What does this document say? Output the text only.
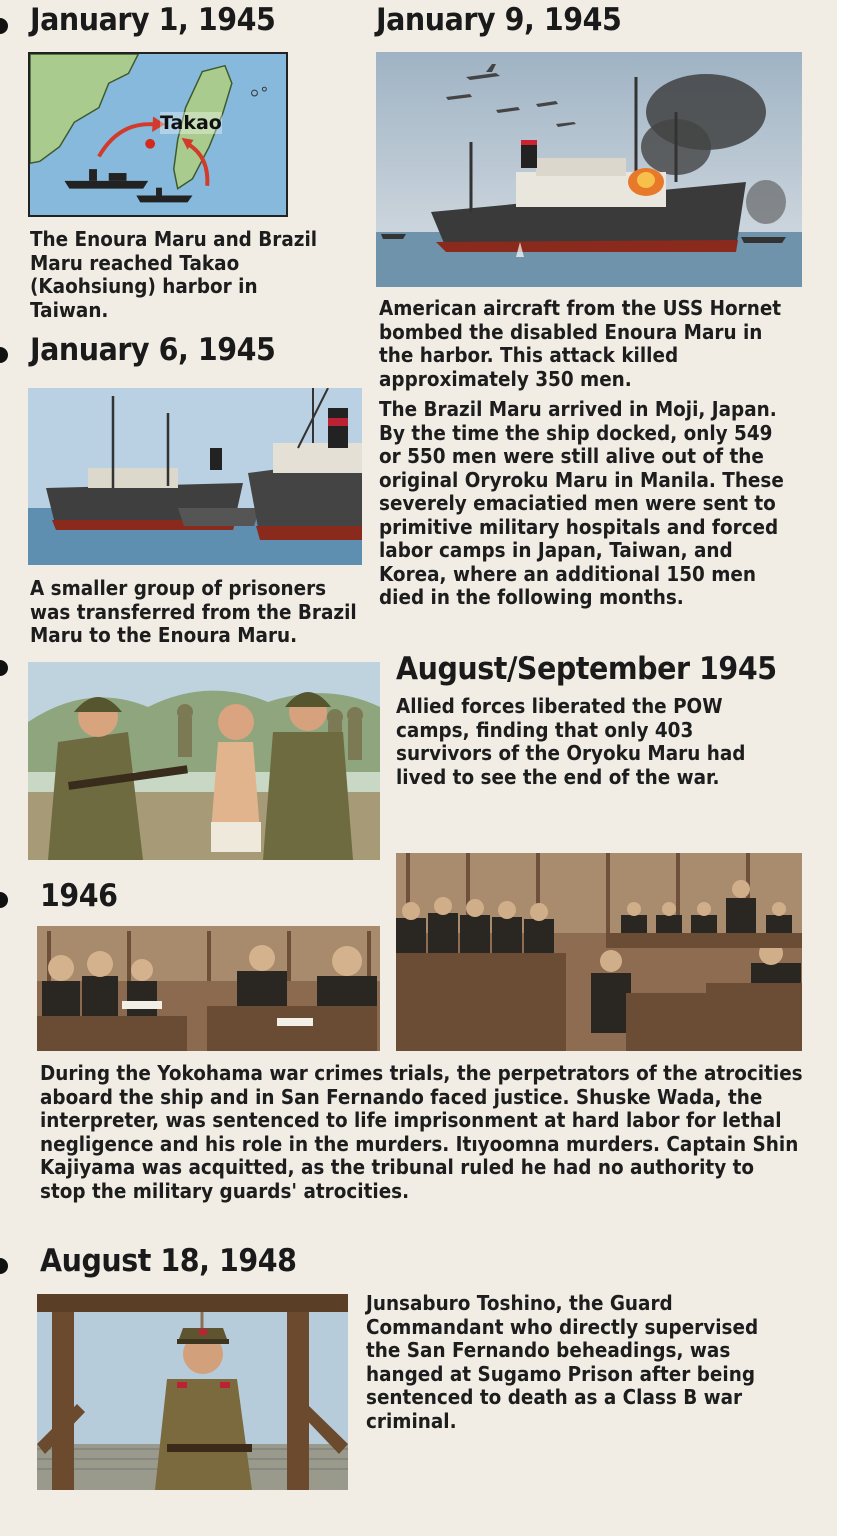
January 1, 1945
Takao

The Enoura Maru and Brazil Maru reached Takao (Kaohsiung) harbor in Taiwan.

January 9, 1945

American aircraft from the USS Hornet bombed the disabled Enoura Maru in the harbor. This attack killed approximately 350 men.

The Brazil Maru arrived in Moji, Japan. By the time the ship docked, only 549 or 550 men were still alive out of the original Oryroku Maru in Manila. These severely emaciatied men were sent to primitive military hospitals and forced labor camps in Japan, Taiwan, and Korea, where an additional 150 men died in the following months.

January 6, 1945

A smaller group of prisoners was transferred from the Brazil Maru to the Enoura Maru.

August/September 1945

Allied forces liberated the POW camps, finding that only 403 survivors of the Oryoku Maru had lived to see the end of the war.

1946

During the Yokohama war crimes trials, the perpetrators of the atrocities aboard the ship and in San Fernando faced justice. Shuske Wada, the interpreter, was sentenced to life imprisonment at hard labor for lethal negligence and his role in the murders. Itıyoomna murders. Captain Shin Kajiyama was acquitted, as the tribunal ruled he had no authority to stop the military guards' atrocities.

August 18, 1948

Junsaburo Toshino, the Guard Commandant who directly supervised the San Fernando beheadings, was hanged at Sugamo Prison after being sentenced to death as a Class B war criminal.
